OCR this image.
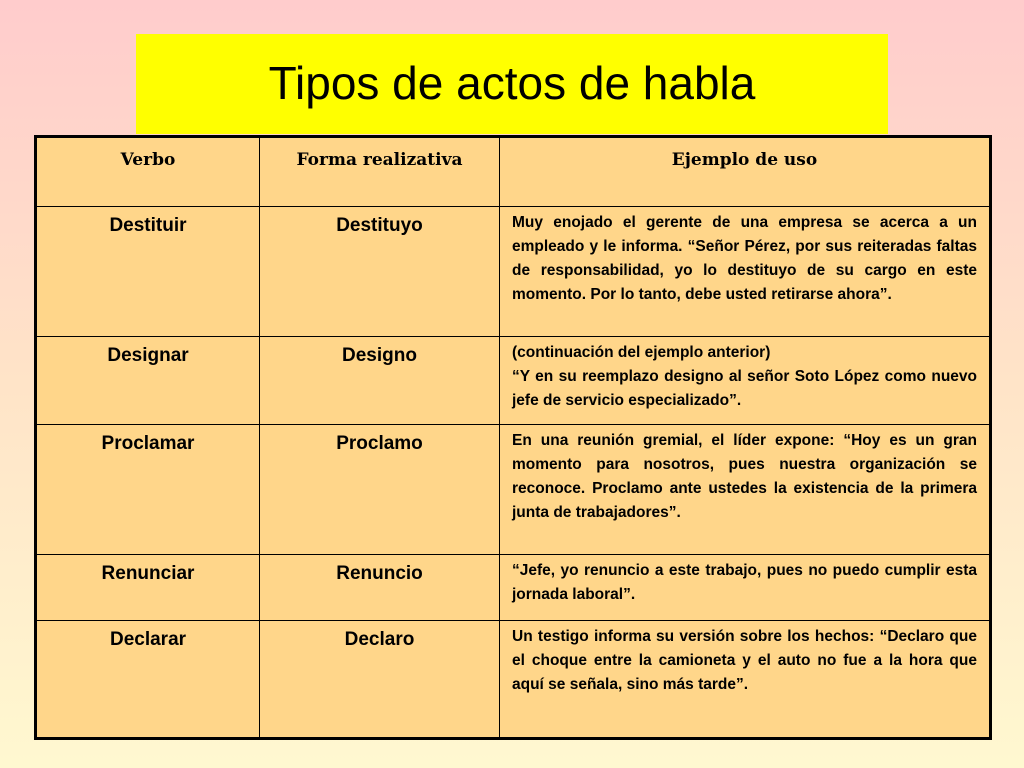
Tipos de actos de habla
Verbo	Forma realizativa	Ejemplo de uso
Destituir	Destituyo	Muy enojado el gerente de una empresa se acerca a un empleado y le informa. “Señor Pérez, por sus reiteradas faltas de responsabilidad, yo lo destituyo de su cargo en este momento. Por lo tanto, debe usted retirarse ahora”.

Designar	Designo	(continuación del ejemplo anterior)
“Y en su reemplazo designo al señor Soto López como nuevo jefe de servicio especializado”.

Proclamar	Proclamo	En una reunión gremial, el líder expone: “Hoy es un gran momento para nosotros, pues nuestra organización se reconoce. Proclamo ante ustedes la existencia de la primera junta de trabajadores”.

Renunciar	Renuncio	“Jefe, yo renuncio a este trabajo, pues no puedo cumplir esta jornada laboral”.

Declarar	Declaro	Un testigo informa su versión sobre los hechos: “Declaro que el choque entre la camioneta y el auto no fue a la hora que aquí se señala, sino más tarde”.
